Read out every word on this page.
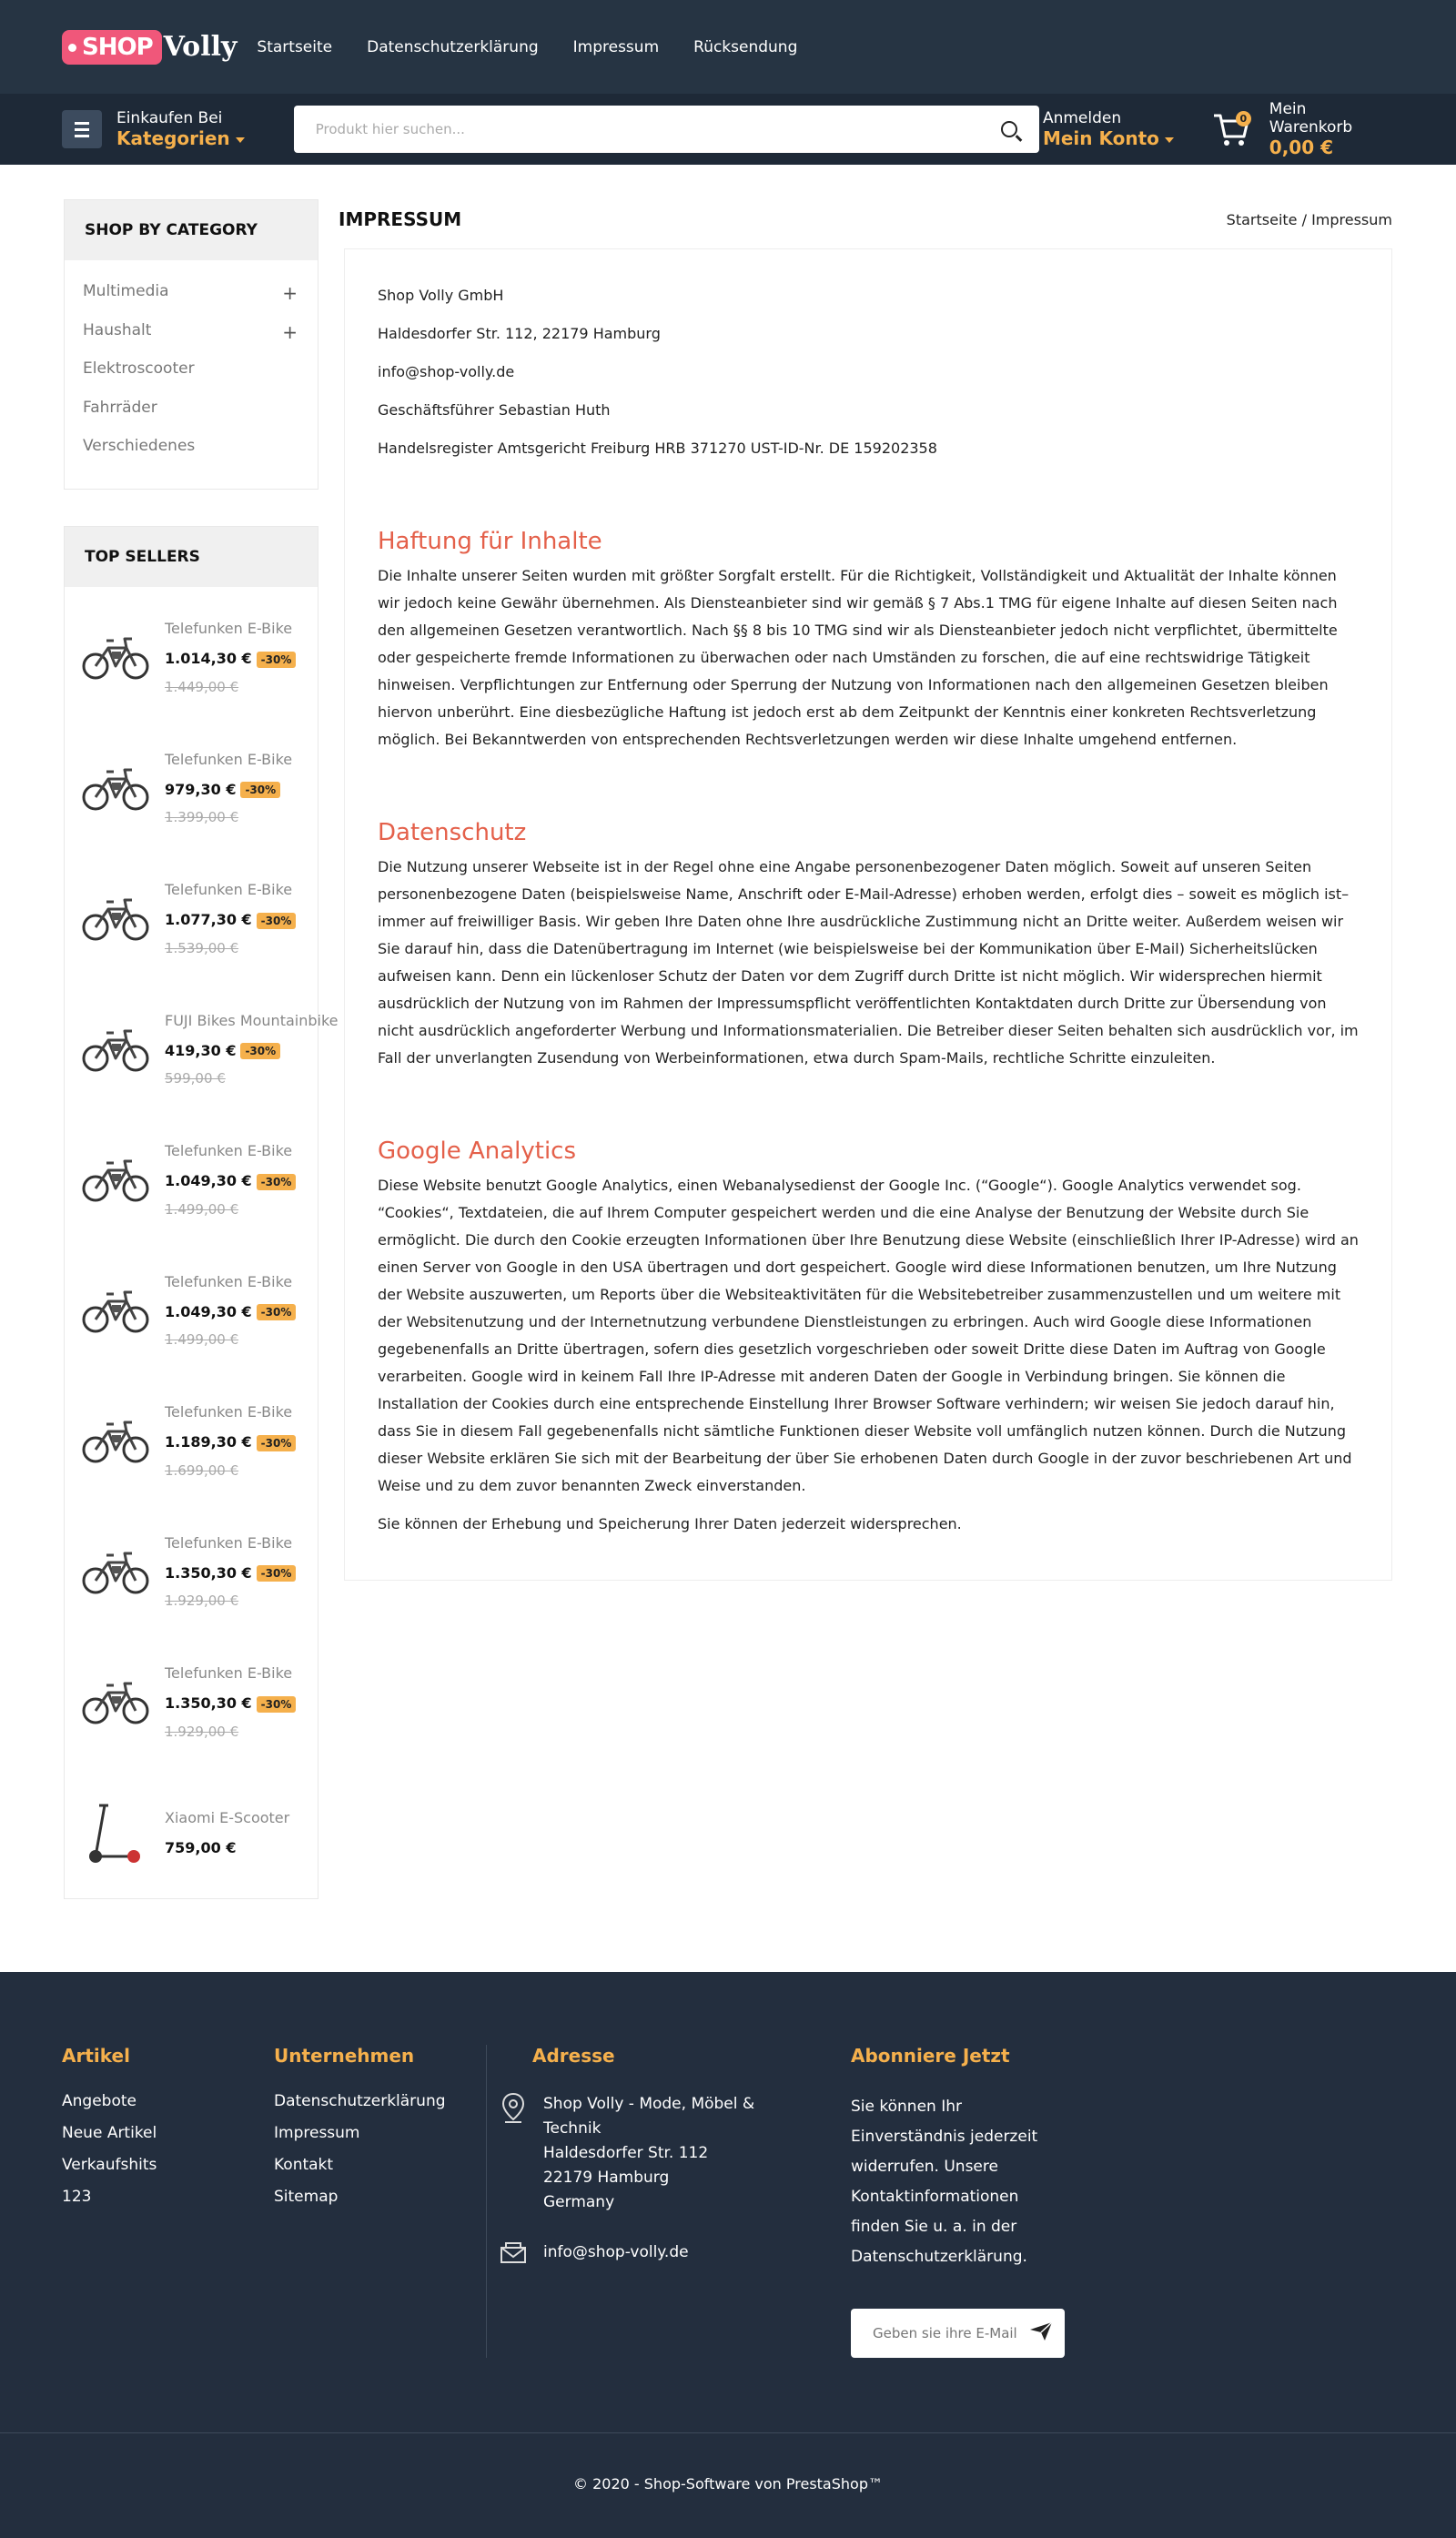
SHOP Volly Startseite Datenschutzerklärung Impressum Rücksendung
Einkaufen Bei
Kategorien
Produkt hier suchen...
Anmelden
Mein Konto
0
Mein Warenkorb
0,00 €
SHOP BY CATEGORY
Multimedia	+
Haushalt	+
Elektroscooter
Fahrräder
Verschiedenes
TOP SELLERS
Telefunken E-Bike
1.014,30 € -30%
1.449,00 €
Telefunken E-Bike
979,30 € -30%
1.399,00 €
Telefunken E-Bike
1.077,30 € -30%
1.539,00 €
FUJI Bikes Mountainbike
419,30 € -30%
599,00 €
Telefunken E-Bike
1.049,30 € -30%
1.499,00 €
Telefunken E-Bike
1.049,30 € -30%
1.499,00 €
Telefunken E-Bike
1.189,30 € -30%
1.699,00 €
Telefunken E-Bike
1.350,30 € -30%
1.929,00 €
Telefunken E-Bike
1.350,30 € -30%
1.929,00 €
Xiaomi E-Scooter
759,00 €
IMPRESSUM	Startseite / Impressum

Shop Volly GmbH

Haldesdorfer Str. 112, 22179 Hamburg

info@shop-volly.de

Geschäftsführer Sebastian Huth

Handelsregister Amtsgericht Freiburg HRB 371270 UST-ID-Nr. DE 159202358

Haftung für Inhalte

Die Inhalte unserer Seiten wurden mit größter Sorgfalt erstellt. Für die Richtigkeit, Vollständigkeit und Aktualität der Inhalte können wir jedoch keine Gewähr übernehmen. Als Diensteanbieter sind wir gemäß § 7 Abs.1 TMG für eigene Inhalte auf diesen Seiten nach den allgemeinen Gesetzen verantwortlich. Nach §§ 8 bis 10 TMG sind wir als Diensteanbieter jedoch nicht verpflichtet, übermittelte oder gespeicherte fremde Informationen zu überwachen oder nach Umständen zu forschen, die auf eine rechtswidrige Tätigkeit hinweisen. Verpflichtungen zur Entfernung oder Sperrung der Nutzung von Informationen nach den allgemeinen Gesetzen bleiben hiervon unberührt. Eine diesbezügliche Haftung ist jedoch erst ab dem Zeitpunkt der Kenntnis einer konkreten Rechtsverletzung möglich. Bei Bekanntwerden von entsprechenden Rechtsverletzungen werden wir diese Inhalte umgehend entfernen.

Datenschutz

Die Nutzung unserer Webseite ist in der Regel ohne eine Angabe personenbezogener Daten möglich. Soweit auf unseren Seiten personenbezogene Daten (beispielsweise Name, Anschrift oder E-Mail-Adresse) erhoben werden, erfolgt dies – soweit es möglich ist– immer auf freiwilliger Basis. Wir geben Ihre Daten ohne Ihre ausdrückliche Zustimmung nicht an Dritte weiter. Außerdem weisen wir Sie darauf hin, dass die Datenübertragung im Internet (wie beispielsweise bei der Kommunikation über E-Mail) Sicherheitslücken aufweisen kann. Denn ein lückenloser Schutz der Daten vor dem Zugriff durch Dritte ist nicht möglich. Wir widersprechen hiermit ausdrücklich der Nutzung von im Rahmen der Impressumspflicht veröffentlichten Kontaktdaten durch Dritte zur Übersendung von nicht ausdrücklich angeforderter Werbung und Informationsmaterialien. Die Betreiber dieser Seiten behalten sich ausdrücklich vor, im Fall der unverlangten Zusendung von Werbeinformationen, etwa durch Spam-Mails, rechtliche Schritte einzuleiten.

Google Analytics

Diese Website benutzt Google Analytics, einen Webanalysedienst der Google Inc. (“Google“). Google Analytics verwendet sog. “Cookies“, Textdateien, die auf Ihrem Computer gespeichert werden und die eine Analyse der Benutzung der Website durch Sie ermöglicht. Die durch den Cookie erzeugten Informationen über Ihre Benutzung diese Website (einschließlich Ihrer IP-Adresse) wird an einen Server von Google in den USA übertragen und dort gespeichert. Google wird diese Informationen benutzen, um Ihre Nutzung der Website auszuwerten, um Reports über die Websiteaktivitäten für die Websitebetreiber zusammenzustellen und um weitere mit der Websitenutzung und der Internetnutzung verbundene Dienstleistungen zu erbringen. Auch wird Google diese Informationen gegebenenfalls an Dritte übertragen, sofern dies gesetzlich vorgeschrieben oder soweit Dritte diese Daten im Auftrag von Google verarbeiten. Google wird in keinem Fall Ihre IP-Adresse mit anderen Daten der Google in Verbindung bringen. Sie können die Installation der Cookies durch eine entsprechende Einstellung Ihrer Browser Software verhindern; wir weisen Sie jedoch darauf hin, dass Sie in diesem Fall gegebenenfalls nicht sämtliche Funktionen dieser Website voll umfänglich nutzen können. Durch die Nutzung dieser Website erklären Sie sich mit der Bearbeitung der über Sie erhobenen Daten durch Google in der zuvor beschriebenen Art und Weise und zu dem zuvor benannten Zweck einverstanden.

Sie können der Erhebung und Speicherung Ihrer Daten jederzeit widersprechen.

Artikel
Angebote
Neue Artikel
Verkaufshits
123
Unternehmen
Datenschutzerklärung
Impressum
Kontakt
Sitemap
Adresse
Shop Volly - Mode, Möbel & Technik
Haldesdorfer Str. 112
22179 Hamburg
Germany
info@shop-volly.de
Abonniere Jetzt
Sie können Ihr Einverständnis jederzeit widerrufen. Unsere Kontaktinformationen finden Sie u. a. in der Datenschutzerklärung.
Geben sie ihre E-Mail ein
© 2020 - Shop-Software von PrestaShop™
